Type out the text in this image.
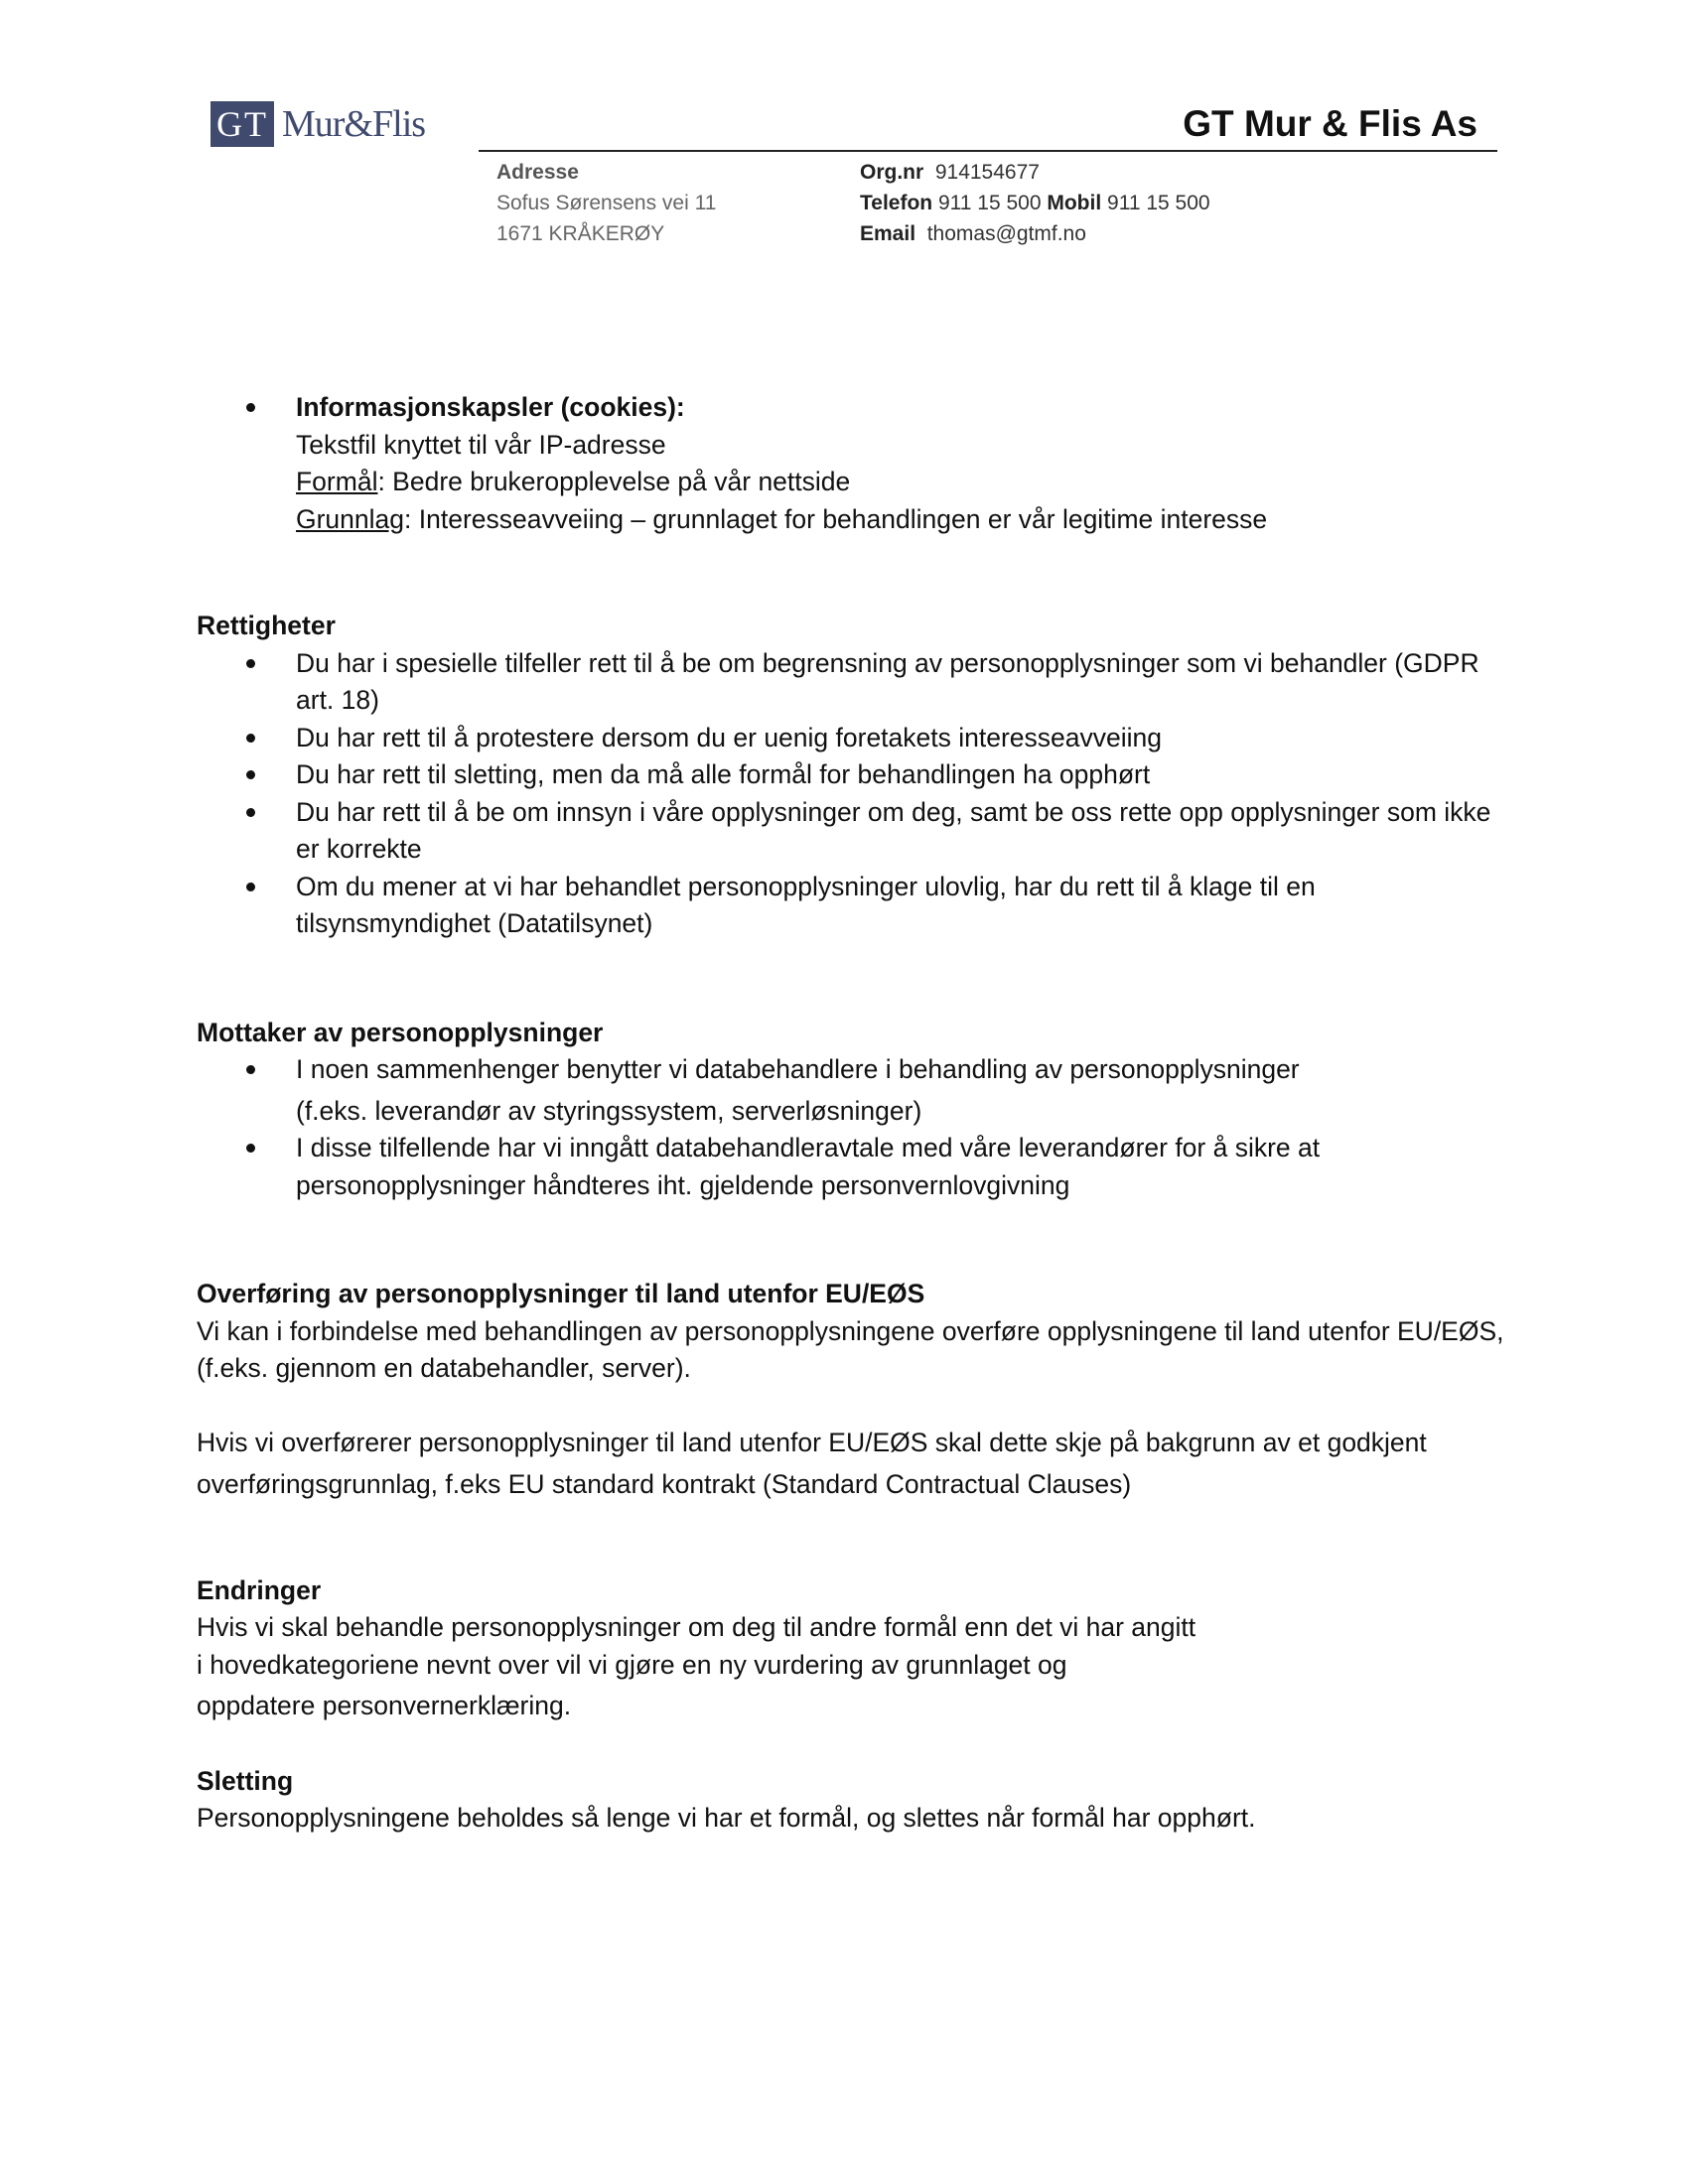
GT Mur&Flis	GT Mur & Flis As
Adresse
Sofus Sørensens vei 11
1671 KRÅKERØY
Org.nr 914154677
Telefon 911 15 500 Mobil 911 15 500
Email thomas@gtmf.no
Informasjonskapsler (cookies):
Tekstfil knyttet til vår IP-adresse
Formål: Bedre brukeropplevelse på vår nettside
Grunnlag: Interesseavveiing – grunnlaget for behandlingen er vår legitime interesse
Rettigheter
Du har i spesielle tilfeller rett til å be om begrensning av personopplysninger som vi behandler (GDPR art. 18)
Du har rett til å protestere dersom du er uenig foretakets interesseavveiing
Du har rett til sletting, men da må alle formål for behandlingen ha opphørt
Du har rett til å be om innsyn i våre opplysninger om deg, samt be oss rette opp opplysninger som ikke er korrekte
Om du mener at vi har behandlet personopplysninger ulovlig, har du rett til å klage til en tilsynsmyndighet (Datatilsynet)
Mottaker av personopplysninger
I noen sammenhenger benytter vi databehandlere i behandling av personopplysninger
(f.eks. leverandør av styringssystem, serverløsninger)
I disse tilfellende har vi inngått databehandleravtale med våre leverandører for å sikre at personopplysninger håndteres iht. gjeldende personvernlovgivning
Overføring av personopplysninger til land utenfor EU/EØS

Vi kan i forbindelse med behandlingen av personopplysningene overføre opplysningene til land utenfor EU/EØS, (f.eks. gjennom en databehandler, server).

Hvis vi overførerer personopplysninger til land utenfor EU/EØS skal dette skje på bakgrunn av et godkjent
overføringsgrunnlag, f.eks EU standard kontrakt (Standard Contractual Clauses)
Endringer
Hvis vi skal behandle personopplysninger om deg til andre formål enn det vi har angitt
i hovedkategoriene nevnt over vil vi gjøre en ny vurdering av grunnlaget og
oppdatere personvernerklæring.
Sletting
Personopplysningene beholdes så lenge vi har et formål, og slettes når formål har opphørt.
